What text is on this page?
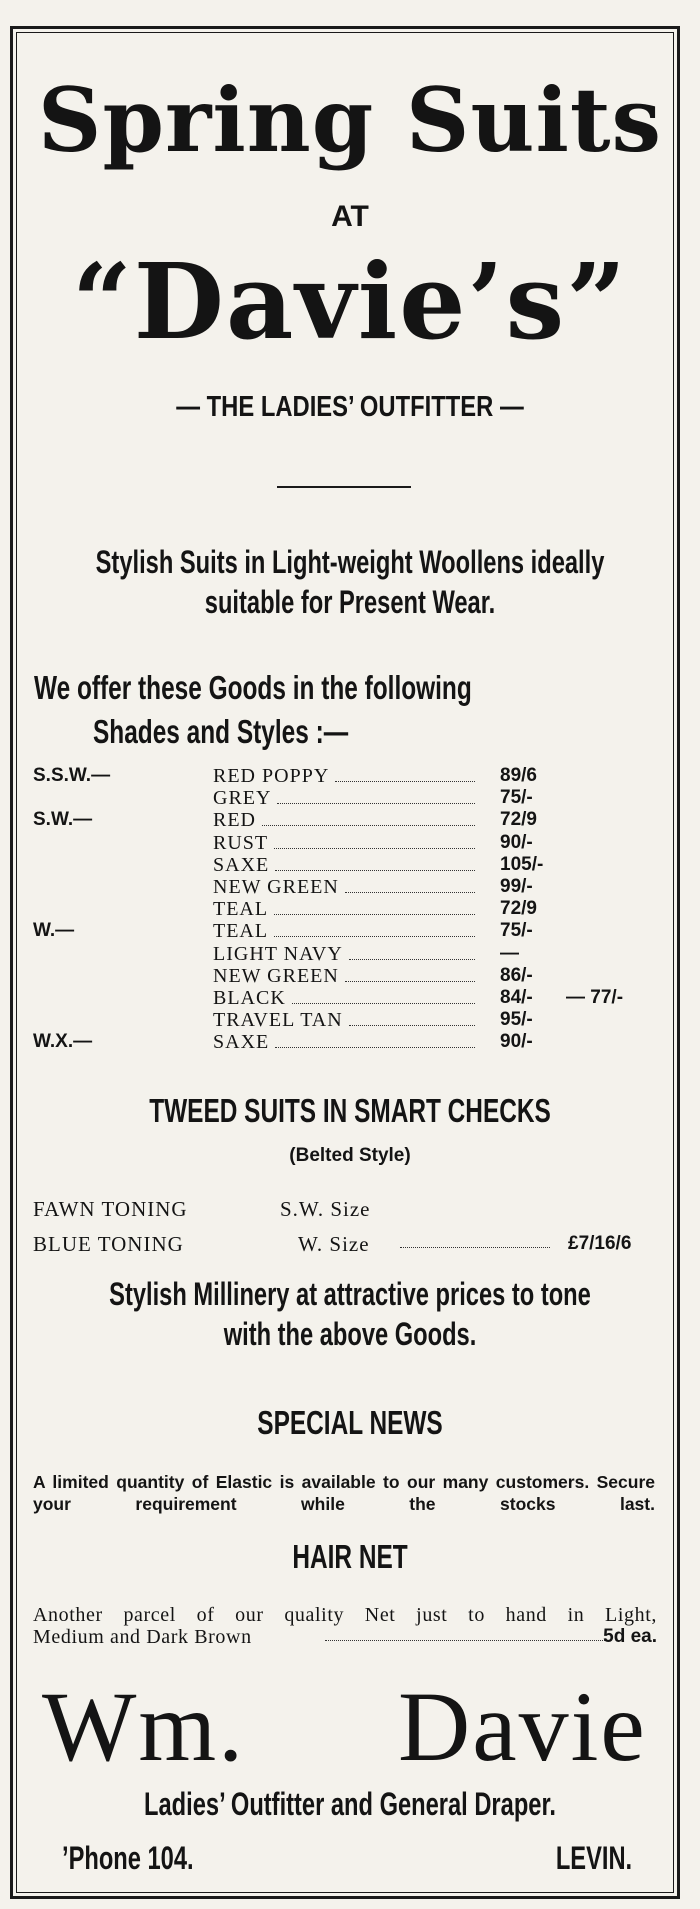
Spring Suits
AT
“Davie’s”
— THE LADIES’ OUTFITTER —
Stylish Suits in Light-weight Woollens ideally suitable for Present Wear.
We offer these Goods in the following
Shades and Styles :—
S.S.W.—	RED POPPY	89/6
GREY	75/-
S.W.—	RED	72/9
RUST	90/-
SAXE	105/-
NEW GREEN	99/-
TEAL	72/9
W.—	TEAL	75/-
LIGHT NAVY	—
NEW GREEN	86/-
BLACK	84/- — 77/-
TRAVEL TAN	95/-
W.X.—	SAXE	90/-
TWEED SUITS IN SMART CHECKS
(Belted Style)
FAWN TONING	S.W. Size
BLUE TONING	W. Size	£7/16/6
Stylish Millinery at attractive prices to tone with the above Goods.
SPECIAL NEWS
A limited quantity of Elastic is available to our many customers. Secure your requirement while the stocks last.
HAIR NET
Another parcel of our quality Net just to hand in Light,
Medium and Dark Brown	5d ea.
Wm. Davie
Ladies’ Outfitter and General Draper.
’Phone 104.	LEVIN.
